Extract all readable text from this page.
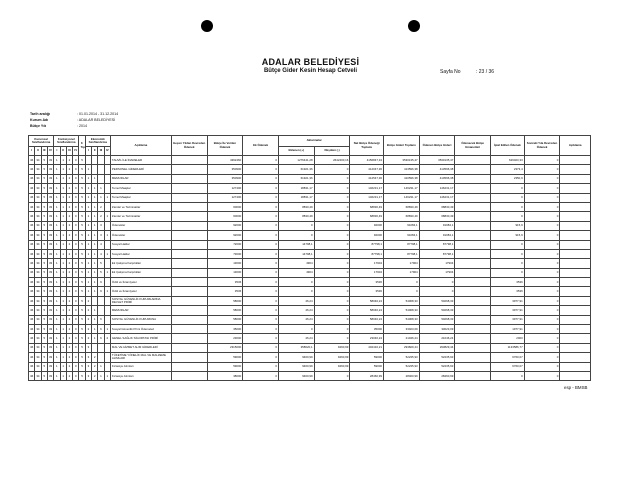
ADALAR BELEDİYESİ
Bütçe Gider Kesin Hesap Cetveli	Sayfa No	: 23 / 36
Tarih aralığı	: 01.01.2014 - 31.12.2014
Kurum Adı	: ADALAR BELEDİYESİ
Bütçe Yılı	: 2014
Kurumsal Sınıflandırma				Fonksiyonel Sınıflandırma				F. Tipi	Ekonomik Sınıflandırma				Açıklama	Geçen Yıldan Devreden Ödenek	Bütçe İle Verilen Ödenek	Ek Ödenek	Aktarmalar		Net Bütçe Ödeneği Toplamı	Bütçe Gideri Toplamı	Ödenen Bütçe Gideri	Ödenecek Bütçe Emanetleri	İptal Edilen Ödenek	Sonraki Yıla Devreden Ödenek	Açıklama
I	II	III	IV	I	II	III	IV		I	II	III	IV					Eklenen (+)	Düşülen (-)							
46	34	5	33	1	1	2	0	5					TAHVİL İLE İDARELER		4392460	0	1276441,28	2642400,16	4156847,34	3530135,47	3530135,47		626403,33	0	
46	34	5	33	1	1	2	0	5	1				PERSONEL GİDERLERİ		350900	0	61921,36	0	412047,36	413596,38	413596,38		2373,4	0	
46	34	5	33	1	1	2	0	5	1	1			MEMURLAR		350900	0	61921,36	0	412547,36	410596,38	410596,38		2350,9	0	
46	34	5	33	1	1	2	0	5	1	1	1		Temel Maaşlar		127400	0	18831,17	0	146231,17	146231,17	146231,17		0	0	
46	34	5	33	1	1	2	0	5	1	1	1	1	Temel Maaşlar		127400	0	18831,17	0	146231,17	146231,17	146231,17		0	0	
46	34	5	33	1	1	2	0	5	1	1	2		Zamlar ve Tazminatlar		60000	0	8830,49	0	68830,49	68830,49	68830,49		0	0	
46	34	5	33	1	1	2	0	5	1	1	2	1	Zamlar ve Tazminatlar		60000	0	8830,49	0	68830,49	68830,49	68830,49		0	0	
46	34	5	33	1	1	2	0	5	1	1	3		Ödenekler		92000	0	0	0	92000	91084,1	91084,1		915,9	0	
46	34	5	33	1	1	2	0	5	1	1	3	1	Ödenekler		92000	0	0	0	92000	91084,1	91084,1		915,9	0	
46	34	5	33	1	1	2	0	5	1	1	4		Sosyal Haklar		72000	0	14798,1	0	87798,1	87798,1	87798,1		0	0	
46	34	5	33	1	1	2	0	5	1	1	4	1	Sosyal Haklar		73000	0	14798,1	0	87798,1	87798,1	87798,1		0	0	
46	34	5	33	1	1	2	0	5	1	1	5		Ek Çalışma Karşılıkları		13000	0	4904	0	17904	17904	17904		0	0	
46	34	5	33	1	1	2	0	5	1	1	5	1	Ek Çalışma Karşılıkları		13000	0	4904	0	17904	17904	17904		0	0	
46	34	5	33	1	1	2	0	5	1	1	9		Ödül ve İkramiyeler		3536	0	0	0	3536	0	0		3536	0	
46	34	5	33	1	1	2	0	5	1	1	9	1	Ödül ve İkramiyeler		3536	0	0	0	3536	0	0		3536	0	
46	34	5	33	1	1	2	0	5	2				SOSYAL GÜVENLİK KURUMLARINA DEVLET PRİMİ		58000	0	46,24	0	58046,24	54068,33	54068,33		3977,91	0	
46	34	5	33	1	1	2	0	5	2	1			MEMURLAR		58000	0	46,24	0	58046,24	54068,33	54068,33		3977,91	0	
46	34	5	33	1	1	2	0	5	2	1	6		SOSYAL GÜVENLİK KURUMUNA		58000	0	46,24	0	58046,24	54068,33	54068,33		3977,91	0	
46	34	5	33	1	1	2	0	5	2	1	6	1	Sosyal Güvenlik Primi Ödemeleri		35000	0	0	0	35000	33023,09	33023,09		1977,91	0	
46	34	5	33	1	1	2	0	5	2	1	6	2	GENEL SAĞLIK SİGORTASI PRİMİ		23000	0	46,24	0	23046,24	21046,24	21046,24		2000	0	
46	34	5	33	1	1	2	0	5	3				MAL VE HİZMET ALIM GİDERLERİ		2315000	0	358620,1	9460,99	402416,21	293829,44	293829,44		1133586,77	0	
46	34	5	33	1	1	2	0	5	3	2			TÜKETİME YÖNELİK MAL VE MALZEME ALIMLARI		59000	0	9460,99	9460,99	59000	52235,93	52235,93		6760,07	0	
46	34	5	33	1	1	2	0	5	3	2	1		Kırtasiye Alımları		59000	0	9460,99	9460,99	59000	52235,93	52235,93		6760,07	0	
46	34	5	33	1	1	2	0	5	3	2	1	1	Kırtasiye Alımları		38000	0	9460,99	0	28460,99	28460,99	28460,99		0	0	
esp - BMSB
